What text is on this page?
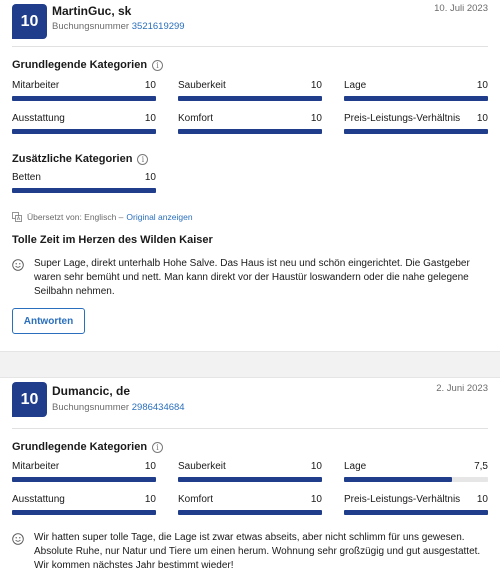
10
MartinGuc, sk
Buchungsnummer 3521619299
10. Juli 2023
Grundlegende Kategorien	i
Mitarbeiter	10 Sauberkeit	10 Lage	10
Ausstattung	10 Komfort	10 Preis-Leistungs-Verhältnis 10
Zusätzliche Kategorien	i
Betten	10
Übersetzt von: Englisch – Original anzeigen
Tolle Zeit im Herzen des Wilden Kaiser
Super Lage, direkt unterhalb Hohe Salve. Das Haus ist neu und schön eingerichtet. Die Gastgeber waren sehr bemüht und nett. Man kann direkt vor der Haustür loswandern oder die nahe gelegene Seilbahn nehmen.
Antworten
10	Dumancic, de
Buchungsnummer 2986434684
2. Juni 2023
Grundlegende Kategorien	i
Mitarbeiter	10 Sauberkeit	10 Lage	7,5
Ausstattung	10 Komfort	10 Preis-Leistungs-Verhältnis 10
Wir hatten super tolle Tage, die Lage ist zwar etwas abseits, aber nicht schlimm für uns gewesen. Absolute Ruhe, nur Natur und Tiere um einen herum. Wohnung sehr großzügig und gut ausgestattet. Wir kommen nächstes Jahr bestimmt wieder!
